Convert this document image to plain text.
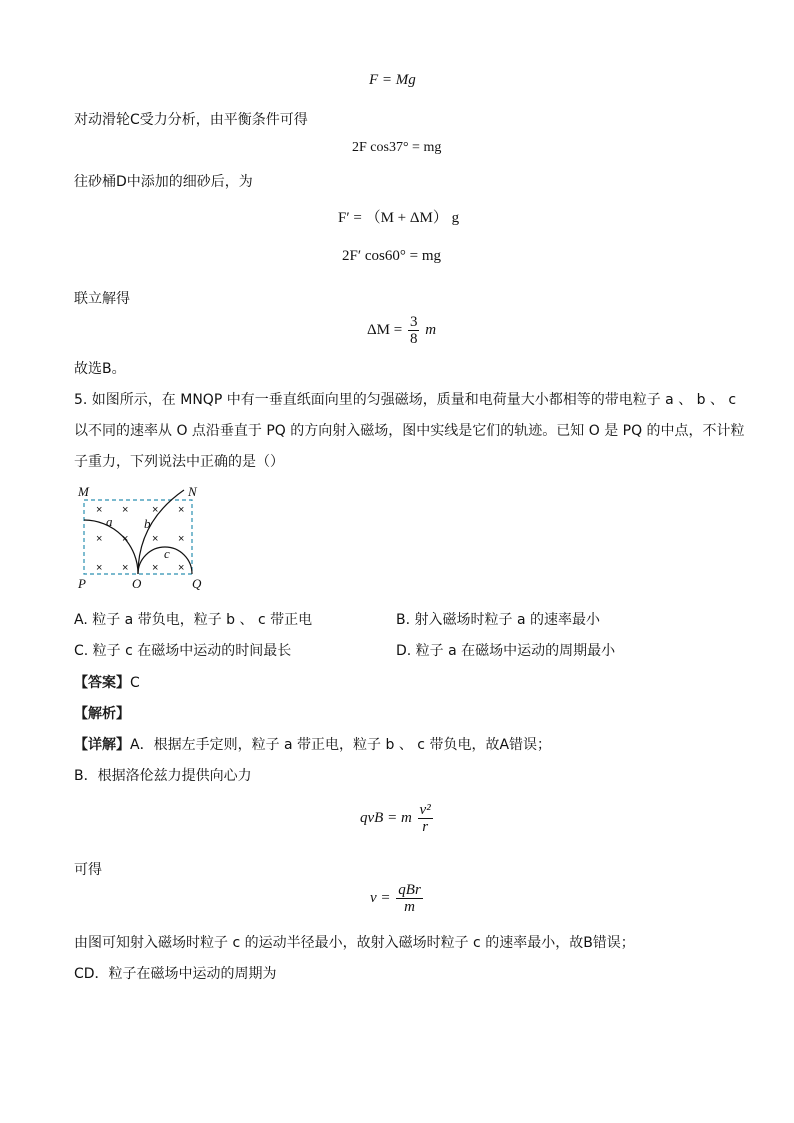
F = Mg
对动滑轮C受力分析，由平衡条件可得
2F cos37° = mg
往砂桶D中添加的细砂后，为
F′ = （M + ΔM） g
2F′ cos60° = mg
联立解得
$\Delta M = \frac{3}{8}$ m
故选B。
5. 如图所示，在 MNQP 中有一垂直纸面向里的匀强磁场，质量和电荷量大小都相等的带电粒子 a 、 b 、 c
以不同的速率从 O 点沿垂直于 PQ 的方向射入磁场，图中实线是它们的轨迹。已知 O 是 PQ 的中点，不计粒
子重力，下列说法中正确的是（）
× × × ×
× × × ×
× × × ×
M	N
P	O	Q
a b
c
A. 粒子 a 带负电，粒子 b 、 c 带正电	B. 射入磁场时粒子 a 的速率最小
C. 粒子 c 在磁场中运动的时间最长	D. 粒子 a 在磁场中运动的周期最小
【答案】C
【解析】
【详解】A．根据左手定则，粒子 a 带正电，粒子 b 、 c 带负电，故A错误；
B．根据洛伦兹力提供向心力
qvB = m $\frac{\text{v²}}{r}$
可得
$v = \frac{\text{qBr}}{m}$
由图可知射入磁场时粒子 c 的运动半径最小，故射入磁场时粒子 c 的速率最小，故B错误；
CD．粒子在磁场中运动的周期为
